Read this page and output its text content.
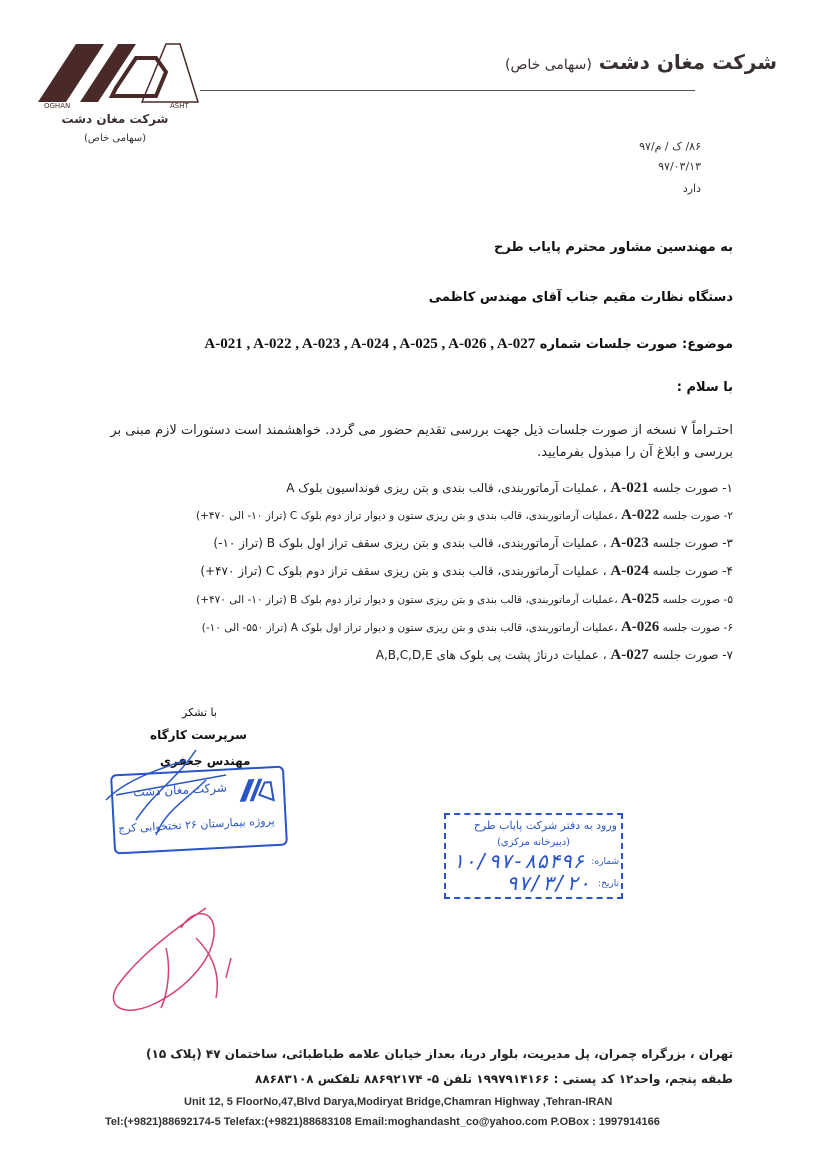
OGHAN	ASHT
شرکت مغان دشت
(سهامی خاص)
شرکت مغان دشت (سهامی خاص)
۸۶/ ک / م/۹۷
۹۷/۰۳/۱۳
دارد
به مهندسین مشاور محترم پایاب طرح
دستگاه نظارت مقیم جناب آقای مهندس کاظمی
موضوع: صورت جلسات شماره A-021 , A-022 , A-023 , A-024 , A-025 , A-026 , A-027
با سلام :
احتـراماً ۷ نسخه از صورت جلسات ذیل جهت بررسی تقدیم حضور می گردد. خواهشمند است دستورات لازم مبنی بر بررسی و ابلاغ آن را مبذول بفرمایید.
۱- صورت جلسه A-021 ، عملیات آرماتوربندی، قالب بندی و بتن ریزی فونداسیون بلوک A
۲- صورت جلسه A-022 ،عملیات آرماتوربندی، قالب بندی و بتن ریزی ستون و دیوار تراز دوم بلوک C (تراز ۱۰- الی ۴۷۰+)
۳- صورت جلسه A-023 ، عملیات آرماتوربندی، قالب بندی و بتن ریزی سقف تراز اول بلوک B (تراز ۱۰-)
۴- صورت جلسه A-024 ، عملیات آرماتوربندی، قالب بندی و بتن ریزی سقف تراز دوم بلوک C (تراز ۴۷۰+)
۵- صورت جلسه A-025 ،عملیات آرماتوربندی، قالب بندی و بتن ریزی ستون و دیوار تراز دوم بلوک B (تراز ۱۰- الی ۴۷۰+)
۶- صورت جلسه A-026 ،عملیات آرماتوربندی، قالب بندی و بتن ریزی ستون و دیوار تراز اول بلوک A (تراز ۵۵۰- الی ۱۰-)
۷- صورت جلسه A-027 ، عملیات درناژ پشت پی بلوک های A,B,C,D,E
با تشکر
سرپرست کارگاه
مهندس جعفری
شرکت مغان دشت
پروژه بیمارستان ۲۶ تختخوابی کرج	ورود به دفتر شرکت پایاب طرح
(دبیرخانه مرکزی)
شماره:
تاریخ:
۱۰/۹۷-۸۵۴۹۶
۹۷/۳/۲۰
تهران ، بزرگراه چمران، پل مدیریت، بلوار دریا، بعداز خیابان علامه طباطبائی، ساختمان ۴۷ (پلاک ۱۵)
طبقه پنجم، واحد۱۲ کد پستی : ۱۹۹۷۹۱۴۱۶۶ تلفن ۵- ۸۸۶۹۲۱۷۴ تلفکس ۸۸۶۸۳۱۰۸
Unit 12, 5 FloorNo,47,Blvd Darya,Modiryat Bridge,Chamran Highway ,Tehran-IRAN
Tel:(+9821)88692174-5 Telefax:(+9821)88683108 Email:moghandasht_co@yahoo.com P.OBox : 1997914166
